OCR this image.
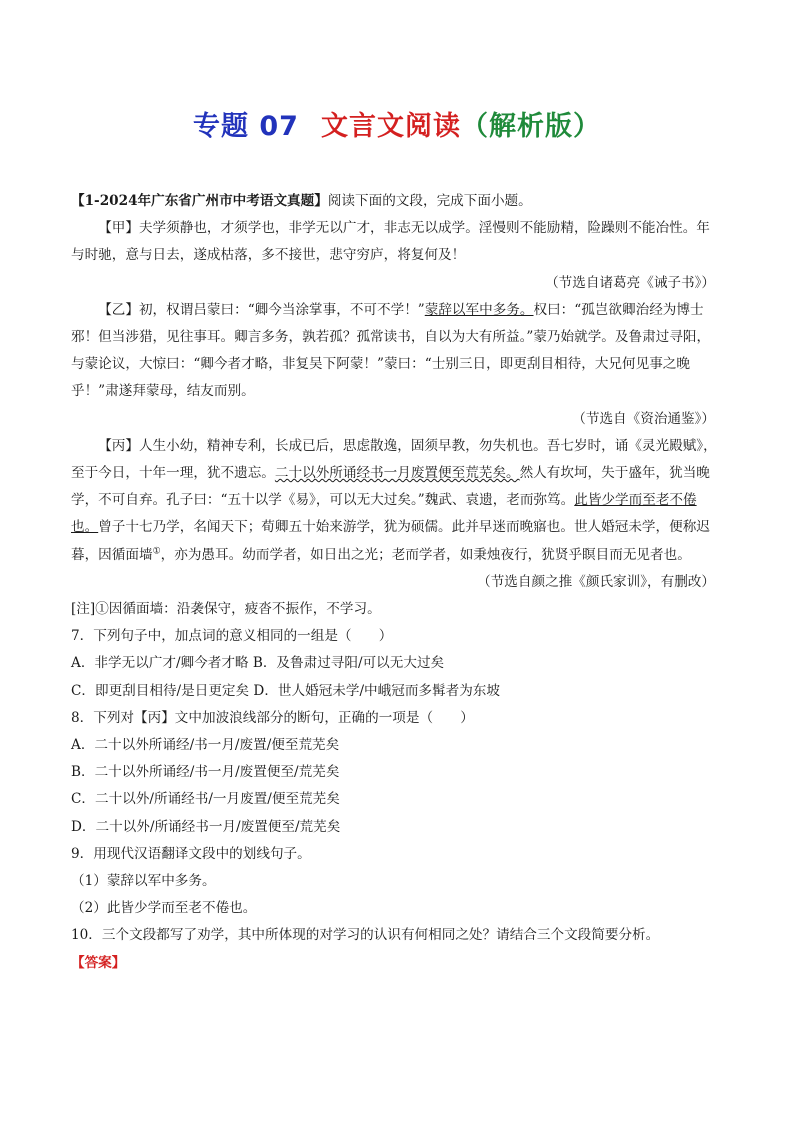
专题 07 文言文阅读（解析版）

【1-2024年广东省广州市中考语文真题】阅读下面的文段，完成下面小题。

【甲】夫学须静也，才须学也，非学无以广才，非志无以成学。淫慢则不能励精，险躁则不能冶性。年与时驰，意与日去，遂成枯落，多不接世，悲守穷庐，将复何及！

（节选自诸葛亮《诫子书》）

【乙】初，权谓吕蒙曰：“卿今当涂掌事，不可不学！”蒙辞以军中多务。权曰：“孤岂欲卿治经为博士邪！但当涉猎，见往事耳。卿言多务，孰若孤？孤常读书，自以为大有所益。”蒙乃始就学。及鲁肃过寻阳，与蒙论议，大惊曰：“卿今者才略，非复吴下阿蒙！”蒙曰：“士别三日，即更刮目相待，大兄何见事之晚乎！”肃遂拜蒙母，结友而别。

（节选自《资治通鉴》）

【丙】人生小幼，精神专利，长成已后，思虑散逸，固须早教，勿失机也。吾七岁时，诵《灵光殿赋》，至于今日，十年一理，犹不遗忘。二十以外所诵经书一月废置便至荒芜矣。然人有坎坷，失于盛年，犹当晚学，不可自弃。孔子曰：“五十以学《易》，可以无大过矣。”魏武、袁遗，老而弥笃。此皆少学而至老不倦也。曾子十七乃学，名闻天下；荀卿五十始来游学，犹为硕儒。此并早迷而晚寤也。世人婚冠未学，便称迟暮，因循面墙①，亦为愚耳。幼而学者，如日出之光；老而学者，如秉烛夜行，犹贤乎瞑目而无见者也。

（节选自颜之推《颜氏家训》，有删改）

[注]①因循面墙：沿袭保守，疲沓不振作，不学习。

7．下列句子中，加点词的意义相同的一组是（　　）

A．非学无以广才/卿今者才略 B．及鲁肃过寻阳/可以无大过矣

C．即更刮目相待/是日更定矣 D．世人婚冠未学/中峨冠而多髯者为东坡

8．下列对【丙】文中加波浪线部分的断句，正确的一项是（　　）

A．二十以外所诵经/书一月/废置/便至荒芜矣

B．二十以外所诵经/书一月/废置便至/荒芜矣

C．二十以外/所诵经书/一月废置/便至荒芜矣

D．二十以外/所诵经书一月/废置便至/荒芜矣

9．用现代汉语翻译文段中的划线句子。

（1）蒙辞以军中多务。

（2）此皆少学而至老不倦也。

10．三个文段都写了劝学，其中所体现的对学习的认识有何相同之处？请结合三个文段简要分析。

【答案】
